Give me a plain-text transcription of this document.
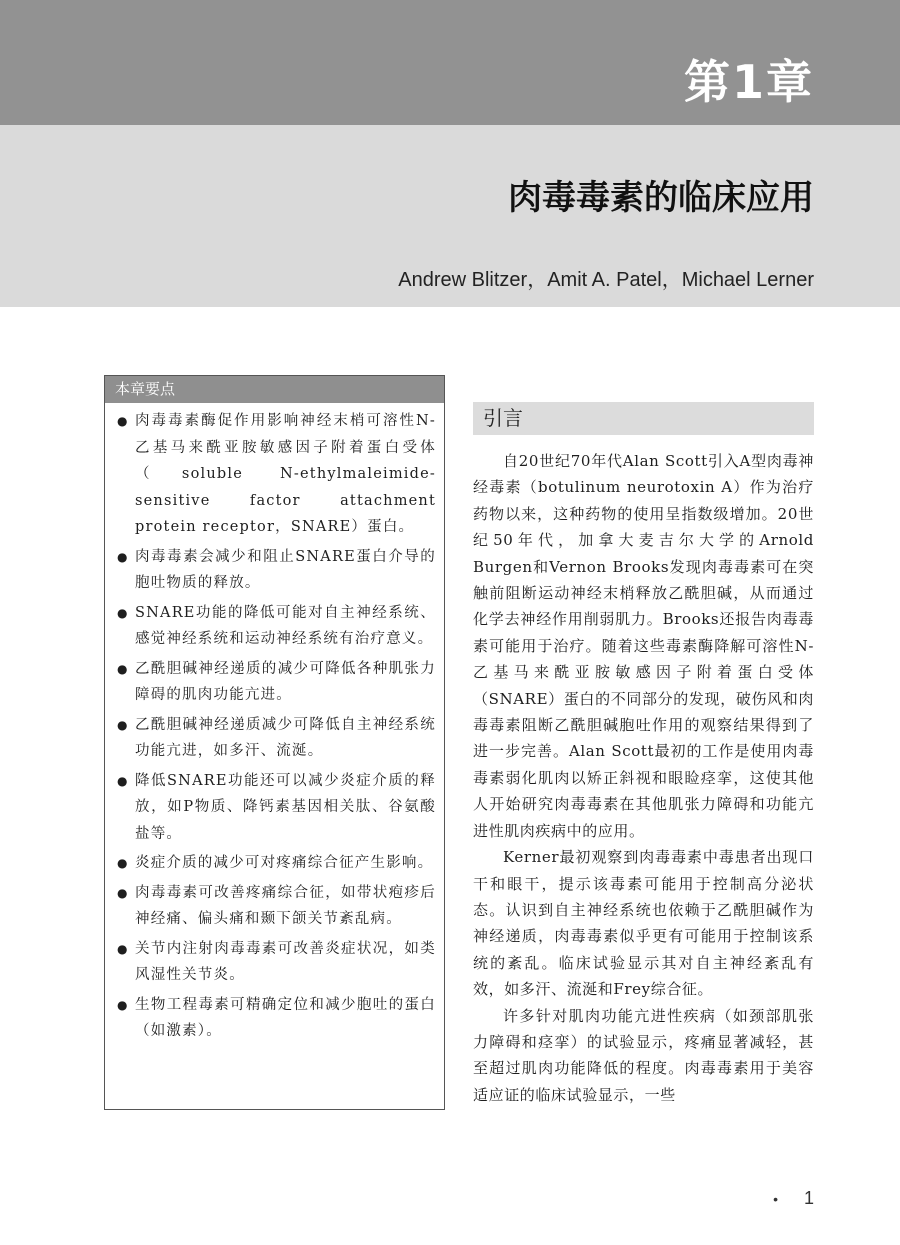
第1章
肉毒毒素的临床应用

Andrew Blitzer，Amit A. Patel，Michael Lerner

本章要点
● 肉毒毒素酶促作用影响神经末梢可溶性N-乙基马来酰亚胺敏感因子附着蛋白受体（soluble N-ethylmaleimide-sensitive factor attachment protein receptor，SNARE）蛋白。
● 肉毒毒素会减少和阻止SNARE蛋白介导的胞吐物质的释放。
● SNARE功能的降低可能对自主神经系统、感觉神经系统和运动神经系统有治疗意义。
● 乙酰胆碱神经递质的减少可降低各种肌张力障碍的肌肉功能亢进。
● 乙酰胆碱神经递质减少可降低自主神经系统功能亢进，如多汗、流涎。
● 降低SNARE功能还可以减少炎症介质的释放，如P物质、降钙素基因相关肽、谷氨酸盐等。
● 炎症介质的减少可对疼痛综合征产生影响。
● 肉毒毒素可改善疼痛综合征，如带状疱疹后神经痛、偏头痛和颞下颌关节紊乱病。
● 关节内注射肉毒毒素可改善炎症状况，如类风湿性关节炎。
● 生物工程毒素可精确定位和减少胞吐的蛋白（如激素）。
引言

自20世纪70年代Alan Scott引入A型肉毒神经毒素（botulinum neurotoxin A）作为治疗药物以来，这种药物的使用呈指数级增加。20世纪50年代，加拿大麦吉尔大学的Arnold Burgen和Vernon Brooks发现肉毒毒素可在突触前阻断运动神经末梢释放乙酰胆碱，从而通过化学去神经作用削弱肌力。Brooks还报告肉毒毒素可能用于治疗。随着这些毒素酶降解可溶性N-乙基马来酰亚胺敏感因子附着蛋白受体（SNARE）蛋白的不同部分的发现，破伤风和肉毒毒素阻断乙酰胆碱胞吐作用的观察结果得到了进一步完善。Alan Scott最初的工作是使用肉毒毒素弱化肌肉以矫正斜视和眼睑痉挛，这使其他人开始研究肉毒毒素在其他肌张力障碍和功能亢进性肌肉疾病中的应用。

Kerner最初观察到肉毒毒素中毒患者出现口干和眼干，提示该毒素可能用于控制高分泌状态。认识到自主神经系统也依赖于乙酰胆碱作为神经递质，肉毒毒素似乎更有可能用于控制该系统的紊乱。临床试验显示其对自主神经紊乱有效，如多汗、流涎和Frey综合征。

许多针对肌肉功能亢进性疾病（如颈部肌张力障碍和痉挛）的试验显示，疼痛显著减轻，甚至超过肌肉功能降低的程度。肉毒毒素用于美容适应证的临床试验显示，一些

• 1
